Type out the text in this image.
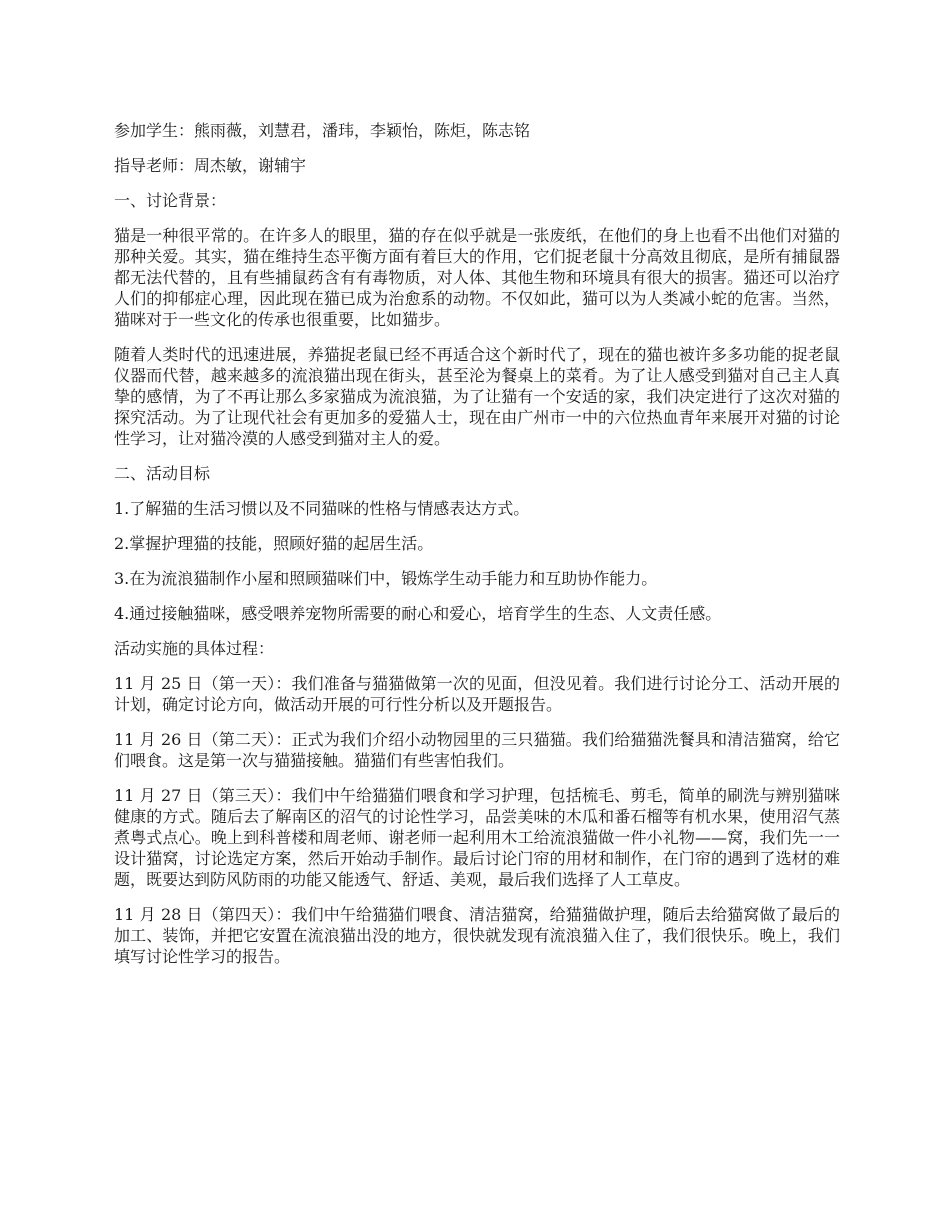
参加学生：熊雨薇，刘慧君，潘玮，李颖怡，陈炬，陈志铭

指导老师：周杰敏，谢辅宇

一、讨论背景：

猫是一种很平常的。在许多人的眼里，猫的存在似乎就是一张废纸，在他们的身上也看不出他们对猫的那种关爱。其实，猫在维持生态平衡方面有着巨大的作用，它们捉老鼠十分高效且彻底，是所有捕鼠器都无法代替的，且有些捕鼠药含有有毒物质，对人体、其他生物和环境具有很大的损害。猫还可以治疗人们的抑郁症心理，因此现在猫已成为治愈系的动物。不仅如此，猫可以为人类减小蛇的危害。当然，猫咪对于一些文化的传承也很重要，比如猫步。

随着人类时代的迅速进展，养猫捉老鼠已经不再适合这个新时代了，现在的猫也被许多多功能的捉老鼠仪器而代替，越来越多的流浪猫出现在街头，甚至沦为餐桌上的菜肴。为了让人感受到猫对自己主人真挚的感情，为了不再让那么多家猫成为流浪猫，为了让猫有一个安适的家，我们决定进行了这次对猫的探究活动。为了让现代社会有更加多的爱猫人士，现在由广州市一中的六位热血青年来展开对猫的讨论性学习，让对猫冷漠的人感受到猫对主人的爱。

二、活动目标

1.了解猫的生活习惯以及不同猫咪的性格与情感表达方式。

2.掌握护理猫的技能，照顾好猫的起居生活。

3.在为流浪猫制作小屋和照顾猫咪们中，锻炼学生动手能力和互助协作能力。

4.通过接触猫咪，感受喂养宠物所需要的耐心和爱心，培育学生的生态、人文责任感。

活动实施的具体过程：

11 月 25 日（第一天）：我们准备与猫猫做第一次的见面，但没见着。我们进行讨论分工、活动开展的计划，确定讨论方向，做活动开展的可行性分析以及开题报告。

11 月 26 日（第二天）：正式为我们介绍小动物园里的三只猫猫。我们给猫猫洗餐具和清洁猫窝，给它们喂食。这是第一次与猫猫接触。猫猫们有些害怕我们。

11 月 27 日（第三天）：我们中午给猫猫们喂食和学习护理，包括梳毛、剪毛，简单的刷洗与辨别猫咪健康的方式。随后去了解南区的沼气的讨论性学习，品尝美味的木瓜和番石榴等有机水果，使用沼气蒸煮粤式点心。晚上到科普楼和周老师、谢老师一起利用木工给流浪猫做一件小礼物——窝，我们先一一设计猫窝，讨论选定方案，然后开始动手制作。最后讨论门帘的用材和制作，在门帘的遇到了选材的难题，既要达到防风防雨的功能又能透气、舒适、美观，最后我们选择了人工草皮。

11 月 28 日（第四天）：我们中午给猫猫们喂食、清洁猫窝，给猫猫做护理，随后去给猫窝做了最后的加工、装饰，并把它安置在流浪猫出没的地方，很快就发现有流浪猫入住了，我们很快乐。晚上，我们填写讨论性学习的报告。
